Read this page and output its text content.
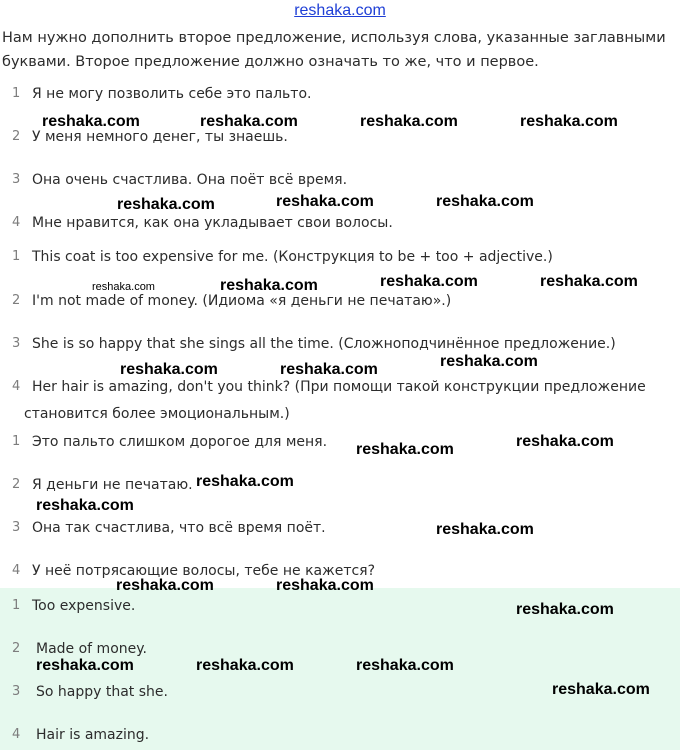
reshaka.com
Нам нужно дополнить второе предложение, используя слова, указанные заглавными буквами. Второе предложение должно означать то же, что и первое.
1 Я не могу позволить себе это пальто.
2 У меня немного денег, ты знаешь.
3 Она очень счастлива. Она поёт всё время.
4 Мне нравится, как она укладывает свои волосы.
1 This coat is too expensive for me. (Конструкция to be + too + adjective.)
2 I'm not made of money. (Идиома «я деньги не печатаю».)
3 She is so happy that she sings all the time. (Сложноподчинённое предложение.)
4 Her hair is amazing, don't you think? (При помощи такой конструкции предложение
становится более эмоциональным.)
1 Это пальто слишком дорогое для меня.
2 Я деньги не печатаю.
3 Она так счастлива, что всё время поёт.
4 У неё потрясающие волосы, тебе не кажется?
1 Too expensive.
2 Made of money.
3 So happy that she.
4 Hair is amazing.
reshaka.com	reshaka.com	reshaka.com	reshaka.com
reshaka.com	reshaka.com	reshaka.com
reshaka.com	reshaka.com	reshaka.com	reshaka.com
reshaka.com	reshaka.com	reshaka.com
reshaka.com	reshaka.com
reshaka.com
reshaka.com
reshaka.com
reshaka.com	reshaka.com
reshaka.com
reshaka.com	reshaka.com	reshaka.com
reshaka.com
